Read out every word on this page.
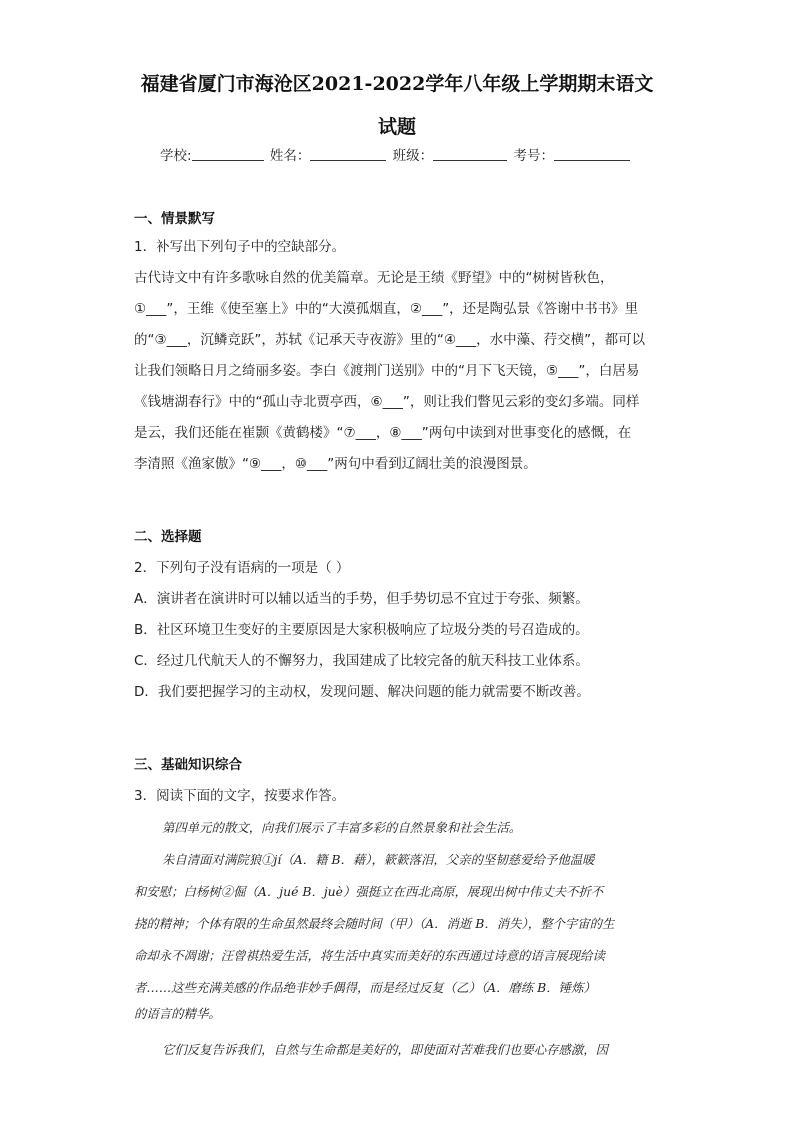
福建省厦门市海沧区2021-2022学年八年级上学期期末语文
试题
学校:	姓名：	班级：	考号：
一、情景默写
1．补写出下列句子中的空缺部分。
古代诗文中有许多歌咏自然的优美篇章。无论是王绩《野望》中的“树树皆秋色，
①___”，王维《使至塞上》中的“大漠孤烟直，②___”，还是陶弘景《答谢中书书》里
的“③___，沉鳞竞跃”，苏轼《记承天寺夜游》里的“④___，水中藻、荇交横”，都可以
让我们领略日月之绮丽多姿。李白《渡荆门送别》中的“月下飞天镜，⑤___”，白居易
《钱塘湖春行》中的“孤山寺北贾亭西，⑥___”，则让我们瞥见云彩的变幻多端。同样
是云，我们还能在崔颢《黄鹤楼》“⑦___，⑧___”两句中读到对世事变化的感慨，在
李清照《渔家傲》“⑨___，⑩___”两句中看到辽阔壮美的浪漫图景。
二、选择题
2．下列句子没有语病的一项是（ ）
A．演讲者在演讲时可以辅以适当的手势，但手势切忌不宜过于夸张、频繁。
B．社区环境卫生变好的主要原因是大家积极响应了垃圾分类的号召造成的。
C．经过几代航天人的不懈努力，我国建成了比较完备的航天科技工业体系。
D．我们要把握学习的主动权，发现问题、解决问题的能力就需要不断改善。
三、基础知识综合
3．阅读下面的文字，按要求作答。
第四单元的散文，向我们展示了丰富多彩的自然景象和社会生活。
朱自清面对满院狼①jí（A．籍 B．藉），簌簌落泪，父亲的坚韧慈爱给予他温暖
和安慰；白杨树②倔（A．jué B．juè）强挺立在西北高原，展现出树中伟丈夫不折不
挠的精神；个体有限的生命虽然最终会随时间（甲）（A．消逝 B．消失），整个宇宙的生
命却永不凋谢；汪曾祺热爱生活，将生活中真实而美好的东西通过诗意的语言展现给读
者……这些充满美感的作品绝非妙手偶得，而是经过反复（乙）（A．磨练 B．锤炼）
的语言的精华。
它们反复告诉我们，自然与生命都是美好的，即使面对苦难我们也要心存感激，因
